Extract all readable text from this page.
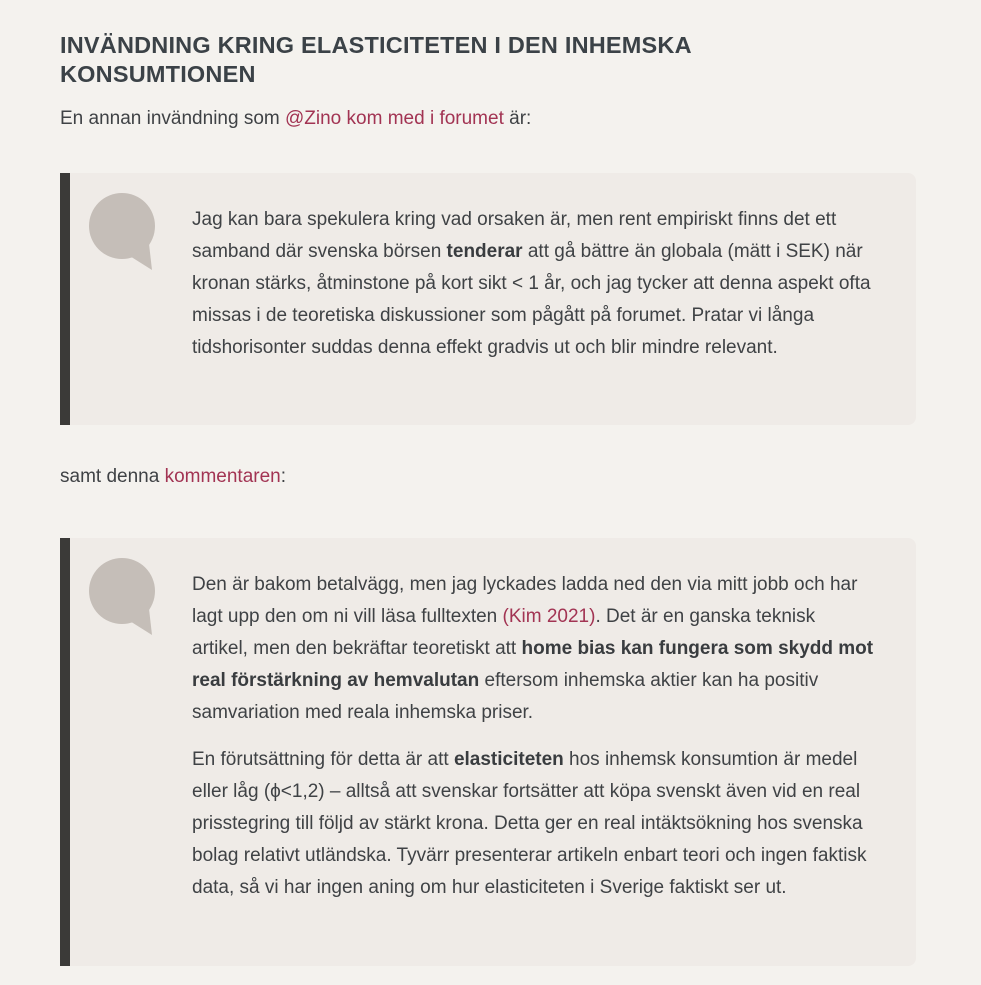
INVÄNDNING KRING ELASTICITETEN I DEN INHEMSKA KONSUMTIONEN

En annan invändning som @Zino kom med i forumet är:

Jag kan bara spekulera kring vad orsaken är, men rent empiriskt finns det ett samband där svenska börsen tenderar att gå bättre än globala (mätt i SEK) när kronan stärks, åtminstone på kort sikt < 1 år, och jag tycker att denna aspekt ofta missas i de teoretiska diskussioner som pågått på forumet. Pratar vi långa tidshorisonter suddas denna effekt gradvis ut och blir mindre relevant.

samt denna kommentaren:

Den är bakom betalvägg, men jag lyckades ladda ned den via mitt jobb och har lagt upp den om ni vill läsa fulltexten (Kim 2021). Det är en ganska teknisk artikel, men den bekräftar teoretiskt att home bias kan fungera som skydd mot real förstärkning av hemvalutan eftersom inhemska aktier kan ha positiv samvariation med reala inhemska priser.

En förutsättning för detta är att elasticiteten hos inhemsk konsumtion är medel eller låg (ϕ<1,2) – alltså att svenskar fortsätter att köpa svenskt även vid en real prisstegring till följd av stärkt krona. Detta ger en real intäktsökning hos svenska bolag relativt utländska. Tyvärr presenterar artikeln enbart teori och ingen faktisk data, så vi har ingen aning om hur elasticiteten i Sverige faktiskt ser ut.
